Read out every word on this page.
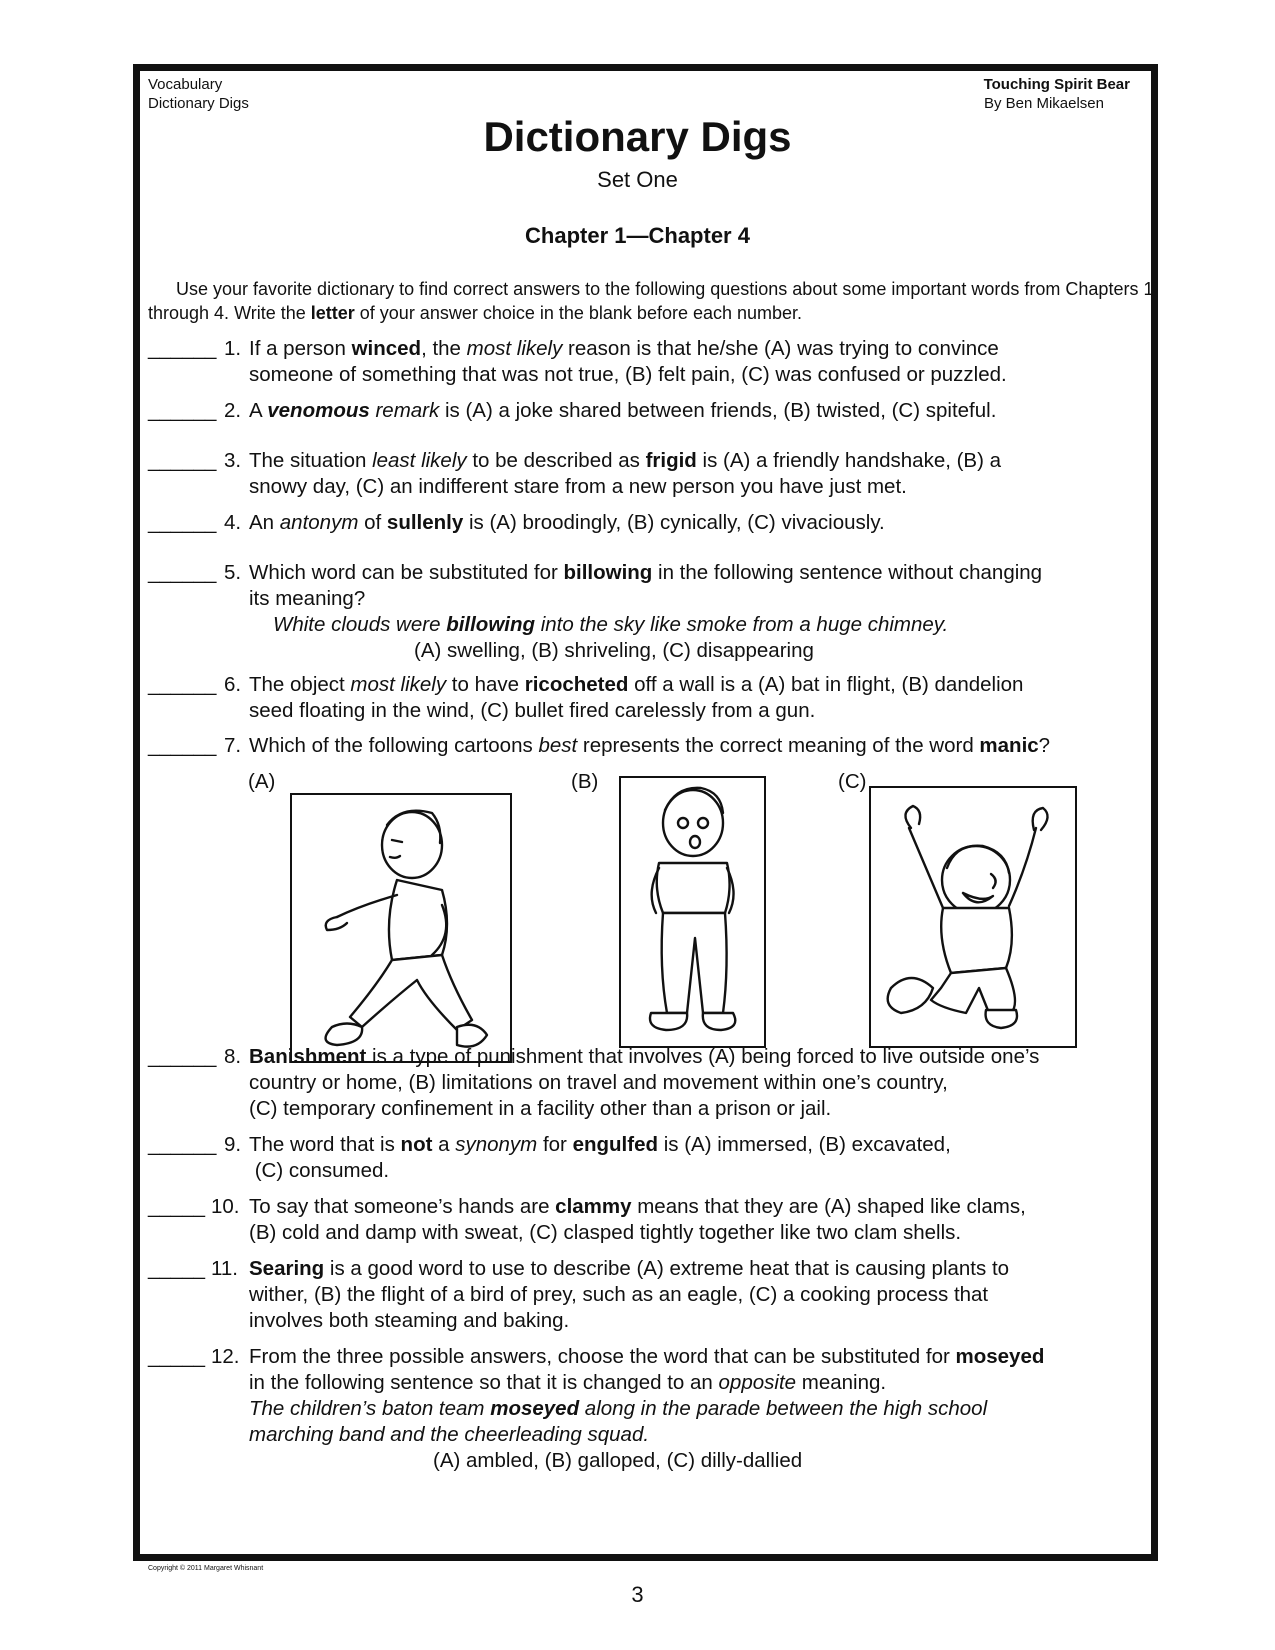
Vocabulary
Dictionary Digs
Touching Spirit Bear
By Ben Mikaelsen
Dictionary Digs
Set One
Chapter 1—Chapter 4
Use your favorite dictionary to find correct answers to the following questions about some important words from Chapters 1 through 4. Write the letter of your answer choice in the blank before each number.
______ 1. If a person winced, the most likely reason is that he/she (A) was trying to convince
someone of something that was not true, (B) felt pain, (C) was confused or puzzled.
______ 2. A venomous remark is (A) a joke shared between friends, (B) twisted, (C) spiteful.
______ 3. The situation least likely to be described as frigid is (A) a friendly handshake, (B) a
snowy day, (C) an indifferent stare from a new person you have just met.
______ 4. An antonym of sullenly is (A) broodingly, (B) cynically, (C) vivaciously.
______ 5. Which word can be substituted for billowing in the following sentence without changing
its meaning?
White clouds were billowing into the sky like smoke from a huge chimney.
(A) swelling, (B) shriveling, (C) disappearing
______ 6. The object most likely to have ricocheted off a wall is a (A) bat in flight, (B) dandelion
seed floating in the wind, (C) bullet fired carelessly from a gun.
______ 7. Which of the following cartoons best represents the correct meaning of the word manic?
(A)	(B)	(C)
______ 8. Banishment is a type of punishment that involves (A) being forced to live outside one’s
country or home, (B) limitations on travel and movement within one’s country,
(C) temporary confinement in a facility other than a prison or jail.
______ 9. The word that is not a synonym for engulfed is (A) immersed, (B) excavated,
(C) consumed.
_____ 10. To say that someone’s hands are clammy means that they are (A) shaped like clams,
(B) cold and damp with sweat, (C) clasped tightly together like two clam shells.
_____ 11. Searing is a good word to use to describe (A) extreme heat that is causing plants to
wither, (B) the flight of a bird of prey, such as an eagle, (C) a cooking process that
involves both steaming and baking.
_____ 12. From the three possible answers, choose the word that can be substituted for moseyed
in the following sentence so that it is changed to an opposite meaning.
The children’s baton team moseyed along in the parade between the high school
marching band and the cheerleading squad.
(A) ambled, (B) galloped, (C) dilly-dallied
Copyright © 2011 Margaret Whisnant
3
